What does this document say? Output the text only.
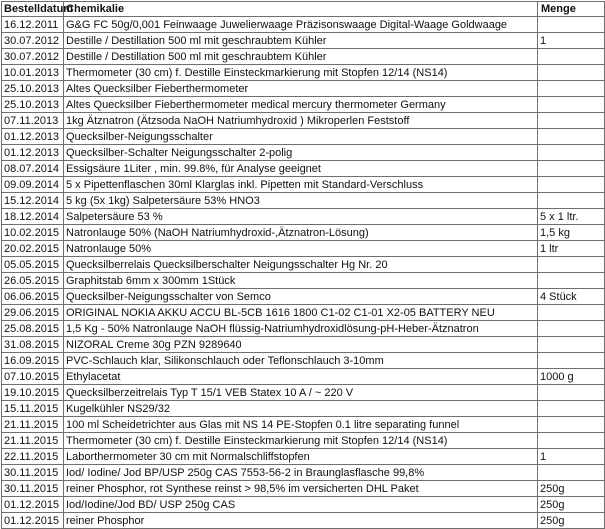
Bestelldatum	Chemikalie	Menge
16.12.2011	G&G FC 50g/0,001 Feinwaage Juwelierwaage Präzisonswaage Digital-Waage Goldwaage	
30.07.2012	Destille / Destillation 500 ml mit geschraubtem Kühler	1
30.07.2012	Destille / Destillation 500 ml mit geschraubtem Kühler	
10.01.2013	Thermometer (30 cm) f. Destille Einsteckmarkierung mit Stopfen 12/14 (NS14)	
25.10.2013	Altes Quecksilber Fieberthermometer	
25.10.2013	Altes Quecksilber Fieberthermometer medical mercury thermometer Germany	
07.11.2013	1kg Ätznatron (Ätzsoda NaOH Natriumhydroxid ) Mikroperlen Feststoff	
01.12.2013	Quecksilber-Neigungsschalter	
01.12.2013	Quecksilber-Schalter Neigungsschalter 2-polig	
08.07.2014	Essigsäure 1Liter , min. 99.8%, für Analyse geeignet	
09.09.2014	5 x Pipettenflaschen 30ml Klarglas inkl. Pipetten mit Standard-Verschluss	
15.12.2014	5 kg (5x 1kg) Salpetersäure 53% HNO3	
18.12.2014	Salpetersäure 53 %	5 x 1 ltr.
10.02.2015	Natronlauge 50% (NaOH Natriumhydroxid-,Ätznatron-Lösung)	1,5 kg
20.02.2015	Natronlauge 50%	1 ltr
05.05.2015	Quecksilberrelais Quecksilberschalter Neigungsschalter Hg Nr. 20	
26.05.2015	Graphitstab 6mm x 300mm 1Stück	
06.06.2015	Quecksilber-Neigungsschalter von Semco	4 Stück
29.06.2015	ORIGINAL NOKIA AKKU ACCU BL-5CB 1616 1800 C1-02 C1-01 X2-05 BATTERY NEU	
25.08.2015	1,5 Kg - 50% Natronlauge NaOH flüssig-Natriumhydroxidlösung-pH-Heber-Ätznatron	
31.08.2015	NIZORAL Creme 30g PZN 9289640	
16.09.2015	PVC-Schlauch klar, Silikonschlauch oder Teflonschlauch 3-10mm	
07.10.2015	Ethylacetat	1000 g
19.10.2015	Quecksilberzeitrelais Typ T 15/1 VEB Statex 10 A / ~ 220 V	
15.11.2015	Kugelkühler NS29/32	
21.11.2015	100 ml Scheidetrichter aus Glas mit NS 14 PE-Stopfen 0.1 litre separating funnel	
21.11.2015	Thermometer (30 cm) f. Destille Einsteckmarkierung mit Stopfen 12/14 (NS14)	
22.11.2015	Laborthermometer 30 cm mit Normalschliffstopfen	1
30.11.2015	Iod/ Iodine/ Jod BP/USP 250g CAS 7553-56-2 in Braunglasflasche 99,8%	
30.11.2015	reiner Phosphor, rot Synthese reinst > 98,5% im versicherten DHL Paket	250g
01.12.2015	Iod/Iodine/Jod BD/ USP 250g CAS	250g
01.12.2015	reiner Phosphor	250g
